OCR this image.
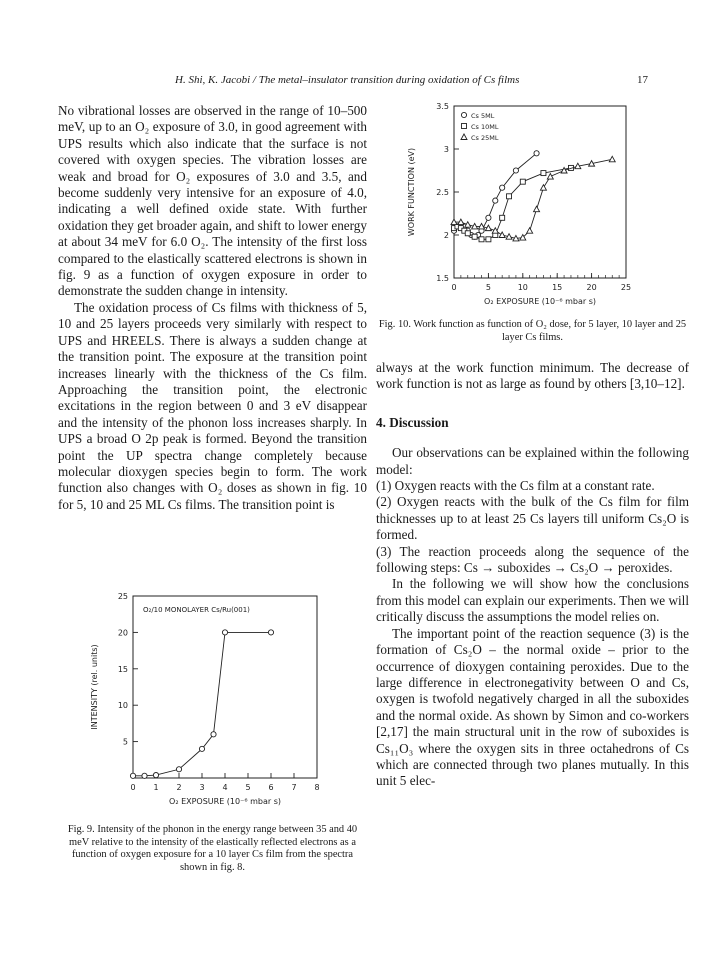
H. Shi, K. Jacobi / The metal–insulator transition during oxidation of Cs films	17

No vibrational losses are observed in the range of 10–500 meV, up to an O₂ exposure of 3.0, in good agreement with UPS results which also indicate that the surface is not covered with oxygen species. The vibration losses are weak and broad for O₂ exposures of 3.0 and 3.5, and become suddenly very intensive for an exposure of 4.0, indicating a well defined oxide state. With further oxidation they get broader again, and shift to lower energy at about 34 meV for 6.0 O₂. The intensity of the first loss compared to the elastically scattered electrons is shown in fig. 9 as a function of oxygen exposure in order to demonstrate the sudden change in intensity.

The oxidation process of Cs films with thickness of 5, 10 and 25 layers proceeds very similarly with respect to UPS and HREELS. There is always a sudden change at the transition point. The exposure at the transition point increases linearly with the thickness of the Cs film. Approaching the transition point, the electronic excitations in the region between 0 and 3 eV disappear and the intensity of the phonon loss increases sharply. In UPS a broad O 2p peak is formed. Beyond the transition point the UP spectra change completely because molecular dioxygen species begin to form. The work function also changes with O₂ doses as shown in fig. 10 for 5, 10 and 25 ML Cs films. The transition point is

0	5	10	15	20	25
1.5
2
2.5
3
3.5
O₂ EXPOSURE (10⁻⁶ mbar s)
WORK FUNCTION (eV)
Cs 5ML
Cs 10ML
Cs 25ML
Fig. 10. Work function as function of O₂ dose, for 5 layer, 10 layer and 25 layer Cs films.

always at the work function minimum. The decrease of work function is not as large as found by others [3,10–12].

4. Discussion

Our observations can be explained within the following model:

(1) Oxygen reacts with the Cs film at a constant rate.

(2) Oxygen reacts with the bulk of the Cs film for film thicknesses up to at least 25 Cs layers till uniform Cs₂O is formed.

(3) The reaction proceeds along the sequence of the following steps: Cs → suboxides → Cs₂O → peroxides.

In the following we will show how the conclusions from this model can explain our experiments. Then we will critically discuss the assumptions the model relies on.

The important point of the reaction sequence (3) is the formation of Cs₂O – the normal oxide – prior to the occurrence of dioxygen containing peroxides. Due to the large difference in electronegativity between O and Cs, oxygen is twofold negatively charged in all the suboxides and the normal oxide. As shown by Simon and co-workers [2,17] the main structural unit in the row of suboxides is Cs₁₁O₃ where the oxygen sits in three octahedrons of Cs which are connected through two planes mutually. In this unit 5 elec-

0 1 2 3 4 5 6 7 8
5
10
15
20
25
O₂ EXPOSURE (10⁻⁶ mbar s)
INTENSITY (rel. units)
O₂/10 MONOLAYER Cs/Ru(001)
Fig. 9. Intensity of the phonon in the energy range between 35 and 40 meV relative to the intensity of the elastically reflected electrons as a function of oxygen exposure for a 10 layer Cs film from the spectra shown in fig. 8.
